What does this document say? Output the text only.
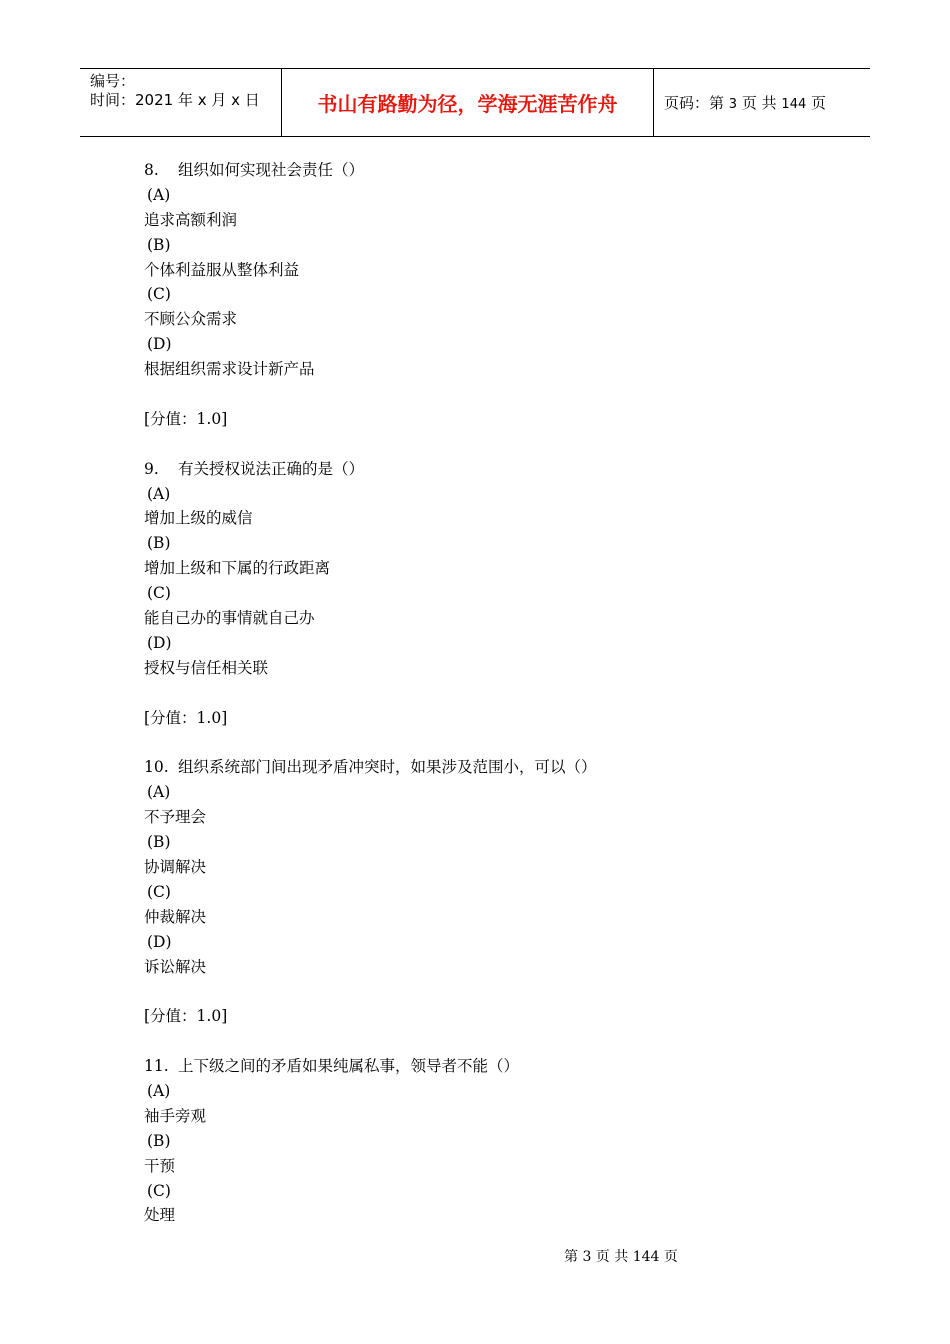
编号：
时间：2021 年 x 月 x 日	书山有路勤为径，学海无涯苦作舟	页码：第 3 页 共 144 页
8. 组织如何实现社会责任（）
(A)
追求高额利润
(B)
个体利益服从整体利益
(C)
不顾公众需求
(D)
根据组织需求设计新产品
[分值：1.0]
9. 有关授权说法正确的是（）
(A)
增加上级的威信
(B)
增加上级和下属的行政距离
(C)
能自己办的事情就自己办
(D)
授权与信任相关联
[分值：1.0]
10. 组织系统部门间出现矛盾冲突时，如果涉及范围小，可以（）
(A)
不予理会
(B)
协调解决
(C)
仲裁解决
(D)
诉讼解决
[分值：1.0]
11. 上下级之间的矛盾如果纯属私事，领导者不能（）
(A)
袖手旁观
(B)
干预
(C)
处理
第 3 页 共 144 页
